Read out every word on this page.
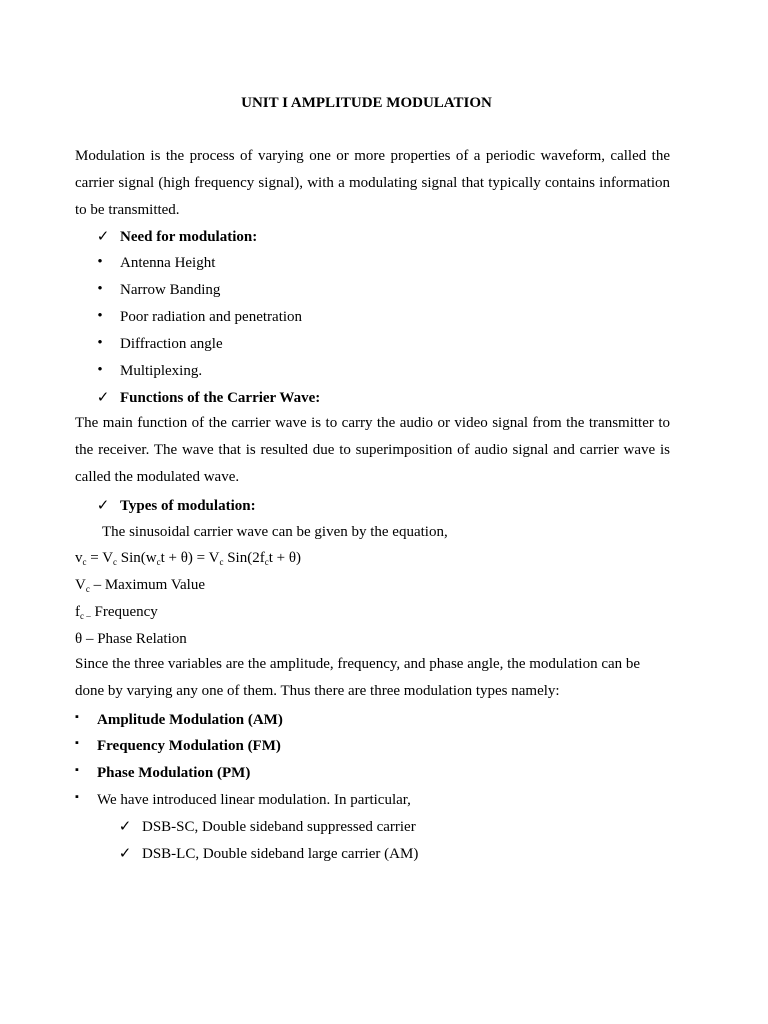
UNIT I AMPLITUDE MODULATION
Modulation is the process of varying one or more properties of a periodic waveform, called the
carrier signal (high frequency signal), with a modulating signal that typically contains information
to be transmitted.
✓ Need for modulation:
• Antenna Height
• Narrow Banding
• Poor radiation and penetration
• Diffraction angle
• Multiplexing.
✓ Functions of the Carrier Wave:
The main function of the carrier wave is to carry the audio or video signal from the transmitter to
the receiver. The wave that is resulted due to superimposition of audio signal and carrier wave is
called the modulated wave.
✓ Types of modulation:
The sinusoidal carrier wave can be given by the equation,
$v_c = V_c$ $Sin(w_ct + \theta) = V_c$ $Sin(2f_ct + \theta)$
$V_c$ – Maximum Value
$f_{c -}$ Frequency
θ – Phase Relation
Since the three variables are the amplitude, frequency, and phase angle, the modulation can be
done by varying any one of them. Thus there are three modulation types namely:
▪	Amplitude Modulation (AM)
▪	Frequency Modulation (FM)
▪	Phase Modulation (PM)
▪	We have introduced linear modulation. In particular,
✓ DSB-SC, Double sideband suppressed carrier
✓ DSB-LC, Double sideband large carrier (AM)
